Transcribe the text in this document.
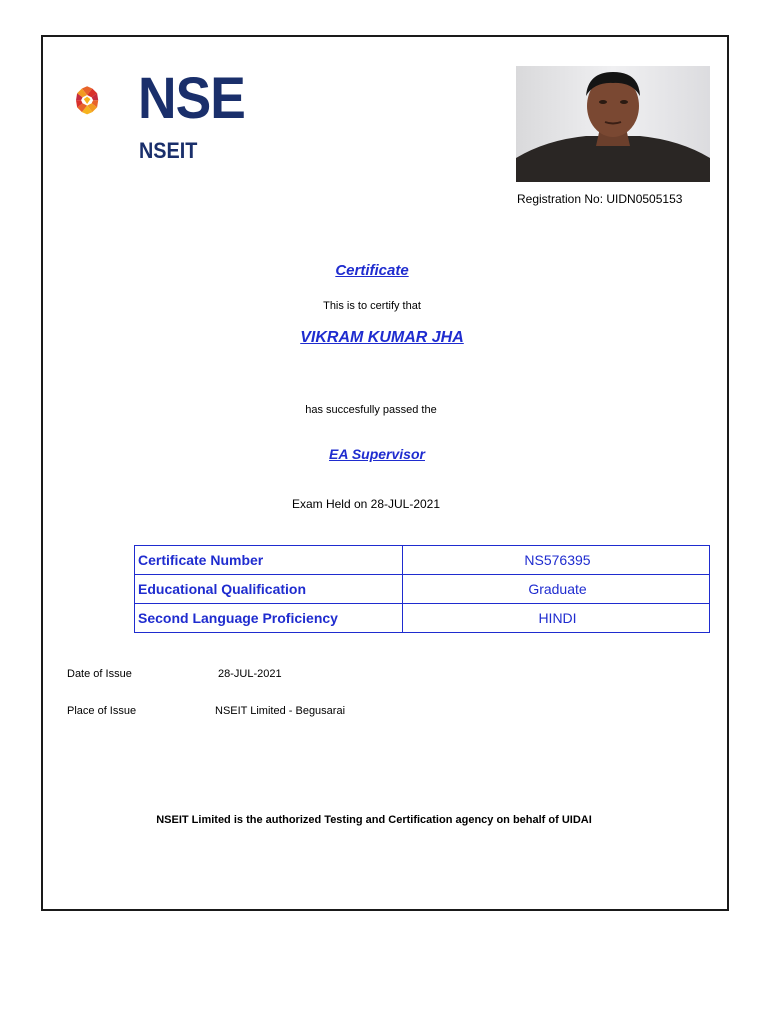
NSE
NSEIT
Registration No: UIDN0505153
Certificate
This is to certify that
VIKRAM KUMAR JHA
has succesfully passed the
EA Supervisor
Exam Held on 28-JUL-2021
Certificate Number	NS576395
Educational Qualification	Graduate
Second Language Proficiency	HINDI
Date of Issue	28-JUL-2021
Place of Issue	NSEIT Limited - Begusarai
NSEIT Limited is the authorized Testing and Certification agency on behalf of UIDAI
